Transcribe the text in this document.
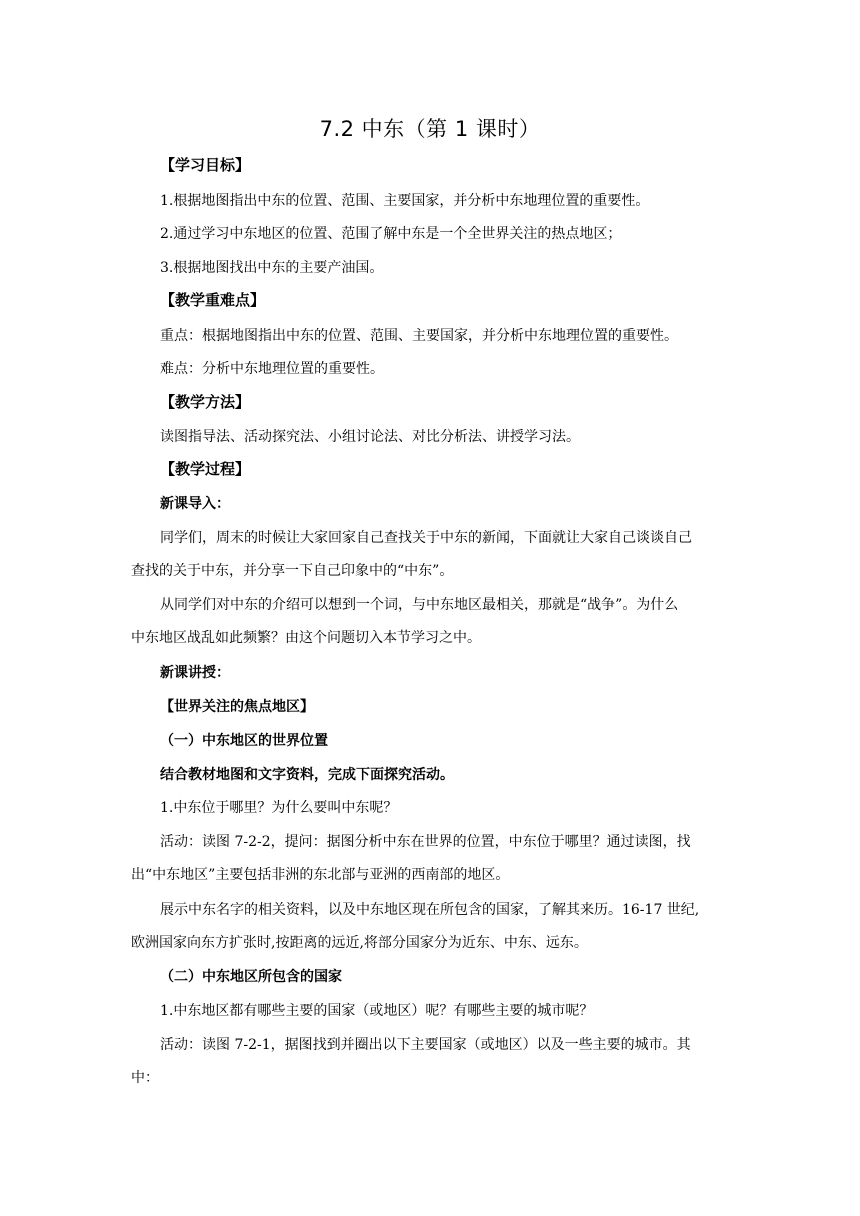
7.2 中东（第 1 课时）
【学习目标】
1.根据地图指出中东的位置、范围、主要国家，并分析中东地理位置的重要性。
2.通过学习中东地区的位置、范围了解中东是一个全世界关注的热点地区；
3.根据地图找出中东的主要产油国。
【教学重难点】
重点：根据地图指出中东的位置、范围、主要国家，并分析中东地理位置的重要性。
难点：分析中东地理位置的重要性。
【教学方法】
读图指导法、活动探究法、小组讨论法、对比分析法、讲授学习法。
【教学过程】
新课导入：
同学们，周末的时候让大家回家自己查找关于中东的新闻，下面就让大家自己谈谈自己
查找的关于中东，并分享一下自己印象中的“中东”。
从同学们对中东的介绍可以想到一个词，与中东地区最相关，那就是“战争”。为什么
中东地区战乱如此频繁？由这个问题切入本节学习之中。
新课讲授：
【世界关注的焦点地区】
（一）中东地区的世界位置
结合教材地图和文字资料，完成下面探究活动。
1.中东位于哪里？为什么要叫中东呢？
活动：读图 7-2-2，提问：据图分析中东在世界的位置，中东位于哪里？通过读图，找
出“中东地区”主要包括非洲的东北部与亚洲的西南部的地区。
展示中东名字的相关资料，以及中东地区现在所包含的国家，了解其来历。16-17 世纪,
欧洲国家向东方扩张时,按距离的远近,将部分国家分为近东、中东、远东。
（二）中东地区所包含的国家
1.中东地区都有哪些主要的国家（或地区）呢？有哪些主要的城市呢？
活动：读图 7-2-1，据图找到并圈出以下主要国家（或地区）以及一些主要的城市。其
中：
